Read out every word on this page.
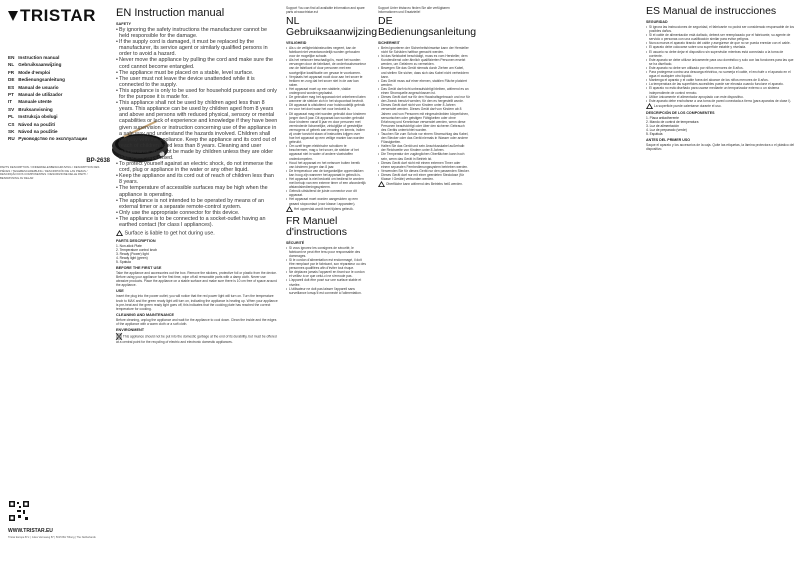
TRISTAR
EN Instruction manual
NL Gebruiksaanwijzing
FR Mode d'emploi
DE Bedienungsanleitung
ES Manual de usuario
PT Manual de utilizador
IT Manuale utente
SV Bruksanvisning
PL Instrukcja obsługi
CS Návod na použití
SK Návod na použitie
RU Руководство по эксплуатации
BP-2638
PARTS DESCRIPTION / ONDERDELENBESCHRIJVING / DESCRIPTION DES PIÈCES / TEILEBESCHREIBUNG / DESCRIPCIÓN DE LAS PIEZAS / DESCRIÇÃO DOS COMPONENTES / DESCRIZIONE DELLE PARTI / BESKRIVNING AV DELAR
WWW.TRISTAR.EU
Tristar Europe B.V. | Jules Verneweg 87 | 5015 BH Tilburg | The Netherlands
EN Instruction manual
SAFETY
• By ignoring the safety instructions the manufacturer cannot be held responsible for the damage.
• If the supply cord is damaged, it must be replaced by the manufacturer, its service agent or similarly qualified persons in order to avoid a hazard.
• Never move the appliance by pulling the cord and make sure the cord cannot become entangled.
• The appliance must be placed on a stable, level surface.
• The user must not leave the device unattended while it is connected to the supply.
• This appliance is only to be used for household purposes and only for the purpose it is made for.
• This appliance shall not be used by children aged less than 8 years. This appliance can be used by children aged from 8 years and above and persons with reduced physical, sensory or mental capabilities or lack of experience and knowledge if they have been given supervision or instruction concerning use of the appliance in a safe way and understand the hazards involved. Children shall not play with the appliance. Keep the appliance and its cord out of reach of children aged less than 8 years. Cleaning and user maintenance shall not be made by children unless they are older than 8 and supervised.
• To protect yourself against an electric shock, do not immerse the cord, plug or appliance in the water or any other liquid.
• Keep the appliance and its cord out of reach of children less than 8 years.
• The temperature of accessible surfaces may be high when the appliance is operating.
• The appliance is not intended to be operated by means of an external timer or a separate remote-control system.
• Only use the appropriate connector for this device.
• The appliance is to be connected to a socket-outlet having an earthed contact (for class I appliances).

Surface is liable to get hot during use.

PARTS DESCRIPTION
1. Non-stick Plate
2. Temperature control knob
3. Ready (Power) light
4. Ready light (green)
5. Spatula
BEFORE THE FIRST USE

Take the appliance and accessories out the box. Remove the stickers, protective foil or plastic from the device. Before using your appliance for the first time, wipe off all removable parts with a damp cloth. Never use abrasive products. Place the appliance on a stable surface and make sure there is 10 cm free of space around the appliance.

USE

Insert the plug into the power outlet; you will notice that the red power light will turn on. Turn the temperature knob to MAX and the green ready light will turn on, indicating the appliance is heating up. When your appliance is pre-heat and the green ready light goes off, this indicates that the cooking plate has reached the correct temperature for cooking.

CLEANING AND MAINTENANCE

Before cleaning, unplug the appliance and wait for the appliance to cool down. Clean the inside and the edges of the appliance with a warm cloth or a soft cloth.

ENVIRONMENT

This appliance should not be put into the domestic garbage at the end of its durability, but must be offered at a central point for the recycling of electric and electronic domestic appliances.

Support You can find all available information and spare parts at www.tristar.eu!

NL Gebruiksaanwijzing
VEILIGHEID
• Als u de veiligheidsinstructies negeert, kan de fabrikant niet verantwoordelijk worden gehouden voor de mogelijke schade.
• Als het netsnoer beschadigd is, moet het worden vervangen door de fabrikant, de onderhoudsmonteur van de fabrikant of door personen met een soortgelijke kwalificatie om gevaar te voorkomen.
• Verplaats het apparaat nooit door aan het snoer te trekken en zorg dat het snoer niet in de war kan raken.
• Het apparaat moet op een stabiele, vlakke ondergrond worden geplaatst.
• De gebruiker mag het apparaat niet onbeheerd laten wanneer de stekker zich in het stopcontact bevindt.
• Dit apparaat is uitsluitend voor huishoudelijk gebruik en voor het doel waar het voor bedoeld is.
• Dit apparaat mag niet worden gebruikt door kinderen jonger dan 8 jaar. Dit apparaat kan worden gebruikt door kinderen vanaf 8 jaar en door personen met verminderde lichamelijke, zintuiglijke of geestelijke vermogens of gebrek aan ervaring en kennis, indien zij onder toezicht staan of instructies krijgen over hoe het apparaat op een veilige manier kan worden gebruikt.
• Om uzelf tegen elektrische schokken te beschermen, mag u het snoer, de stekker of het apparaat niet in water of andere vloeistoffen onderdompelen.
• Houd het apparaat en het netsnoer buiten bereik van kinderen jonger dan 8 jaar.
• De temperatuur van de toegankelijke oppervlakken kan hoog zijn wanneer het apparaat in gebruik is.
• Het apparaat is niet bedoeld om bediend te worden met behulp van een externe timer of een afzonderlijk afstandsbedieningssysteem.
• Gebruik uitsluitend de juiste connector voor dit apparaat.
• Het apparaat moet worden aangesloten op een geaard stopcontact (voor klasse I apparaten).

Het oppervlak wordt heet tijdens gebruik.

FR Manuel d'instructions
SÉCURITÉ
• Si vous ignorez les consignes de sécurité, le fabricant ne peut être tenu pour responsable des dommages.
• Si le cordon d'alimentation est endommagé, il doit être remplacé par le fabricant, son réparateur ou des personnes qualifiées afin d'éviter tout risque.
• Ne déplacez jamais l'appareil en tirant sur le cordon et veillez à ce que celui-ci ne s'enroule pas.
• L'appareil doit être posé sur une surface stable et nivelée.
• L'utilisateur ne doit pas laisser l'appareil sans surveillance lorsqu'il est connecté à l'alimentation.

Support Unter tristar.eu finden Sie alle verfügbaren Informationen und Ersatzteile!

DE Bedienungsanleitung
SICHERHEIT
• Beim Ignorieren der Sicherheitshinweise kann der Hersteller nicht für Schäden haftbar gemacht werden.
• Ist das Netzkabel beschädigt, muss es vom Hersteller, dem Kundendienst oder ähnlich qualifizierten Personen ersetzt werden, um Gefahren zu vermeiden.
• Bewegen Sie das Gerät niemals durch Ziehen am Kabel, und stellen Sie sicher, dass sich das Kabel nicht verheddern kann.
• Das Gerät muss auf einer ebenen, stabilen Fläche platziert werden.
• Das Gerät darf nicht unbeaufsichtigt bleiben, während es an einen Stromquelle angeschlossen ist.
• Dieses Gerät darf nur für den Haushaltsgebrauch und nur für den Zweck benutzt werden, für den es hergestellt wurde.
• Dieses Gerät darf nicht von Kindern unter 8 Jahren verwendet werden. Dieses Gerät darf von Kindern ab 8 Jahren und von Personen mit eingeschränkten körperlichen, sensorischen oder geistigen Fähigkeiten oder ohne Erfahrung und Kenntnisse verwendet werden, wenn diese Personen beaufsichtigt oder über den sicheren Gebrauch des Geräts unterrichtet wurden.
• Tauchen Sie zum Schutz vor einem Stromschlag das Kabel, den Stecker oder das Gerät niemals in Wasser oder andere Flüssigkeiten.
• Halten Sie das Gerät und sein Anschlusskabel außerhalb der Reichweite von Kindern unter 8 Jahren.
• Die Temperatur der zugänglichen Oberflächen kann hoch sein, wenn das Gerät in Betrieb ist.
• Dieses Gerät darf nicht mit einem externen Timer oder einem separaten Fernbedienungssystem betrieben werden.
• Verwenden Sie für dieses Gerät nur den passenden Stecker.
• Dieses Gerät darf nur mit einer geerdeten Steckdose (für Klasse I Geräte) verbunden werden.

Oberfläche kann während des Betriebs heiß werden.

ES Manual de instrucciones
SEGURIDAD
• Si ignora las instrucciones de seguridad, el fabricante no podrá ser considerado responsable de los posibles daños.
• Si el cable de alimentación está dañado, deberá ser reemplazado por el fabricante, su agente de servicio o personas con una cualificación similar para evitar peligros.
• Nunca mueva el aparato tirando del cable y asegúrese de que no se pueda enredar con el cable.
• El aparato debe colocarse sobre una superficie estable y nivelada.
• El usuario no debe dejar el dispositivo sin supervisión mientras está conectado a la toma de corriente.
• Este aparato se debe utilizar únicamente para uso doméstico y solo con las funciones para las que se ha diseñado.
• Este aparato no debe ser utilizado por niños menores de 8 años.
• Para protegerse contra una descarga eléctrica, no sumerja el cable, el enchufe o el aparato en el agua ni cualquier otro líquido.
• Mantenga el aparato y el cable fuera del alcance de los niños menores de 8 años.
• La temperatura de las superficies accesibles puede ser elevada cuando funcione el aparato.
• El aparato no está diseñado para usarse mediante un temporizador externo o un sistema independiente de control remoto.
• Utilice únicamente el alimentador apropiado con este dispositivo.
• Este aparato debe enchufarse a una toma de pared conectada a tierra (para aparatos de clase I).

La superficie puede calentarse durante el uso.

DESCRIPCIÓN DE LOS COMPONENTES
1. Placa antiadherente
2. Mando de control de temperatura
3. Luz de alimentación
4. Luz de preparado (verde)
5. Espátula
ANTES DEL PRIMER USO

Saque el aparato y los accesorios de la caja. Quite las etiquetas, la lámina protectora o el plástico del dispositivo.
